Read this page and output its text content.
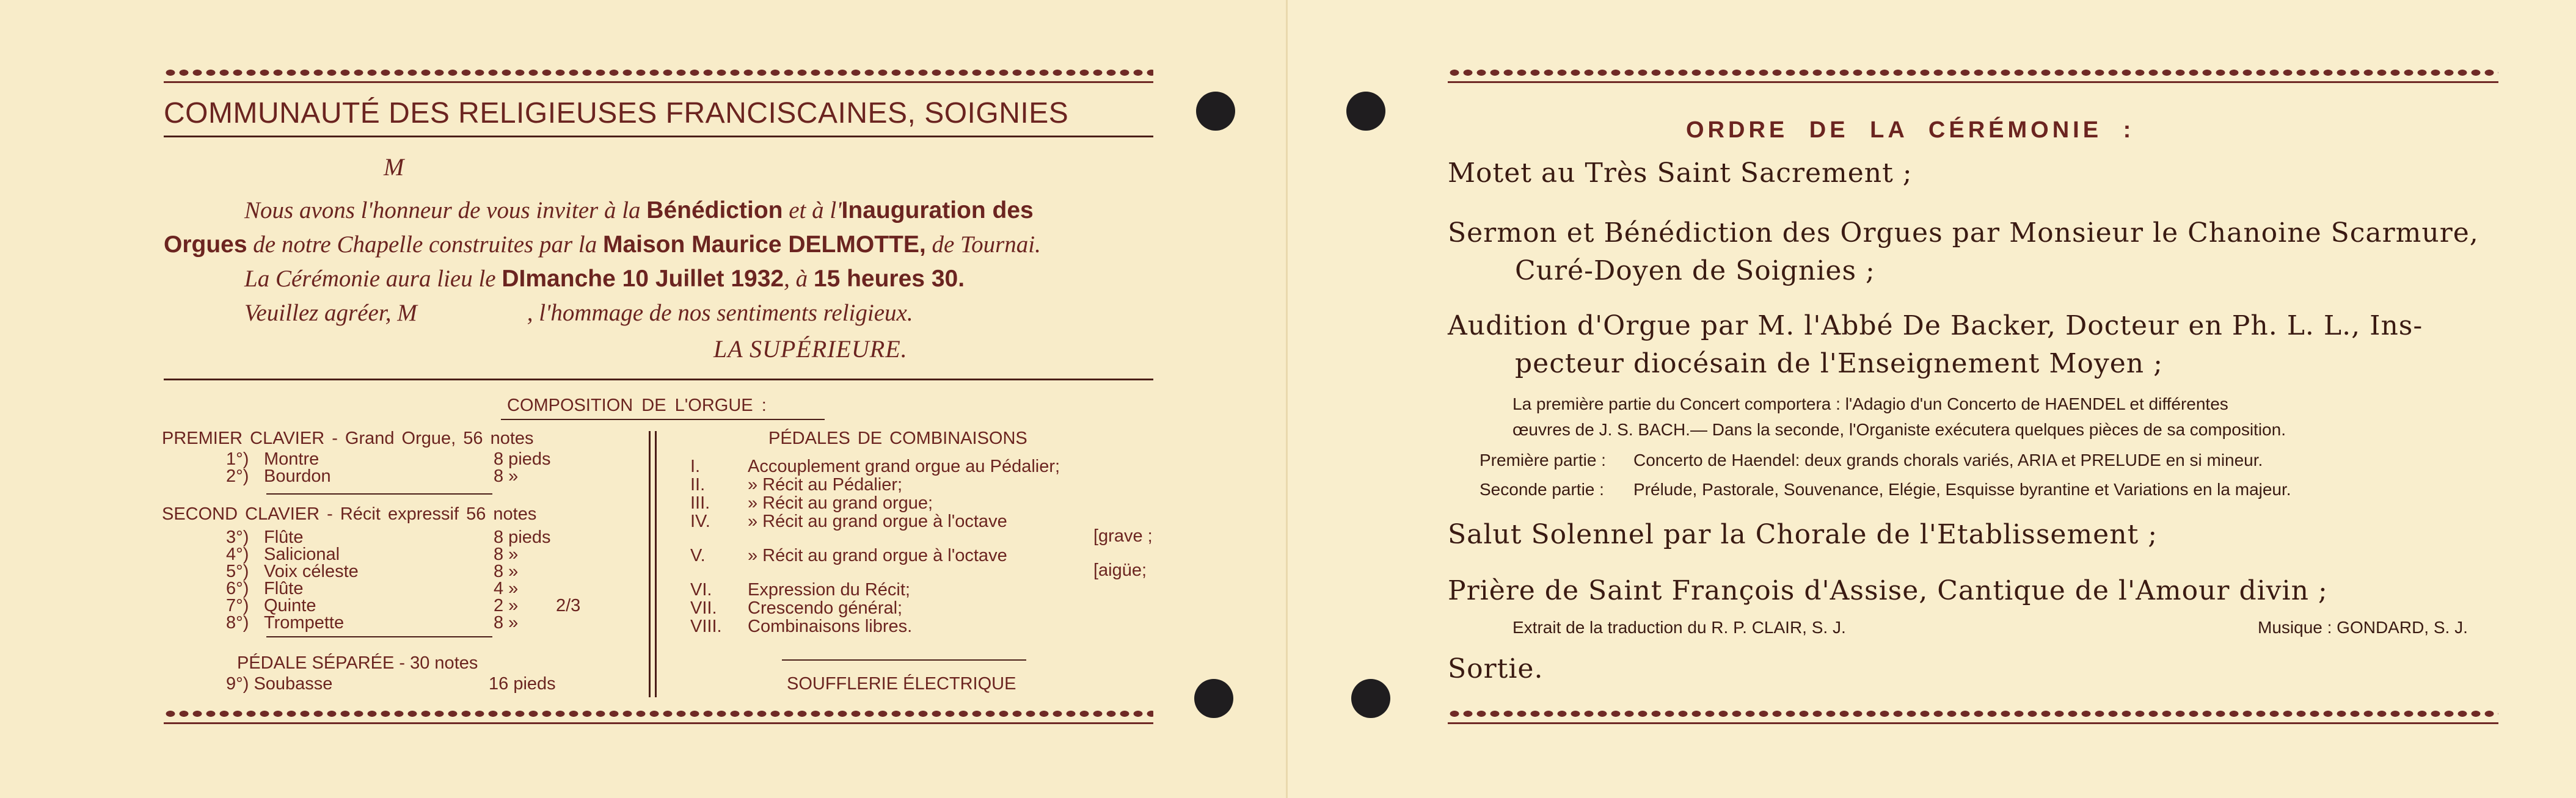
COMMUNAUTÉ DES RELIGIEUSES FRANCISCAINES, SOIGNIES
M
Nous avons l'honneur de vous inviter à la Bénédiction et à l'Inauguration des
Orgues de notre Chapelle construites par la Maison Maurice DELMOTTE, de Tournai.
La Cérémonie aura lieu le DImanche 10 Juillet 1932, à 15 heures 30.
Veuillez agréer, M	, l'hommage de nos sentiments religieux.
LA SUPÉRIEURE.
COMPOSITION DE L'ORGUE :
PREMIER CLAVIER - Grand Orgue, 56 notes
SECOND CLAVIER - Récit expressif 56 notes
PÉDALE SÉPARÉE - 30 notes
9°) Soubasse	16 pieds
PÉDALES DE COMBINAISONS
SOUFFLERIE ÉLECTRIQUE
1°) Montre	8 pieds
2°) Bourdon	8 »
3°) Flûte	8 pieds
4°) Salicional	8 »
5°) Voix céleste	8 »
6°) Flûte	4 »
7°) Quinte	2 » 2/3
8°) Trompette	8 »
I.	Accouplement grand orgue au Pédalier;
II. » Récit au Pédalier;
III. » Récit au grand orgue;
IV. » Récit au grand orgue à l'octave
[grave ;
V. » Récit au grand orgue à l'octave
[aigüe;
VI. Expression du Récit;
VII. Crescendo général;
VIII. Combinaisons libres.
ORDRE DE LA CÉRÉMONIE :
Motet au Très Saint Sacrement ;
Sermon et Bénédiction des Orgues par Monsieur le Chanoine Scarmure,
Curé-Doyen de Soignies ;
Audition d'Orgue par M. l'Abbé De Backer, Docteur en Ph. L. L., Ins-
pecteur diocésain de l'Enseignement Moyen ;
La première partie du Concert comportera : l'Adagio d'un Concerto de HAENDEL et différentes
œuvres de J. S. BACH.— Dans la seconde, l'Organiste exécutera quelques pièces de sa composition.
Première partie : Concerto de Haendel: deux grands chorals variés, ARIA et PRELUDE en si mineur.
Seconde partie : Prélude, Pastorale, Souvenance, Elégie, Esquisse byrantine et Variations en la majeur.
Salut Solennel par la Chorale de l'Etablissement ;
Prière de Saint François d'Assise, Cantique de l'Amour divin ;
Extrait de la traduction du R. P. CLAIR, S. J.	Musique : GONDARD, S. J.
Sortie.
